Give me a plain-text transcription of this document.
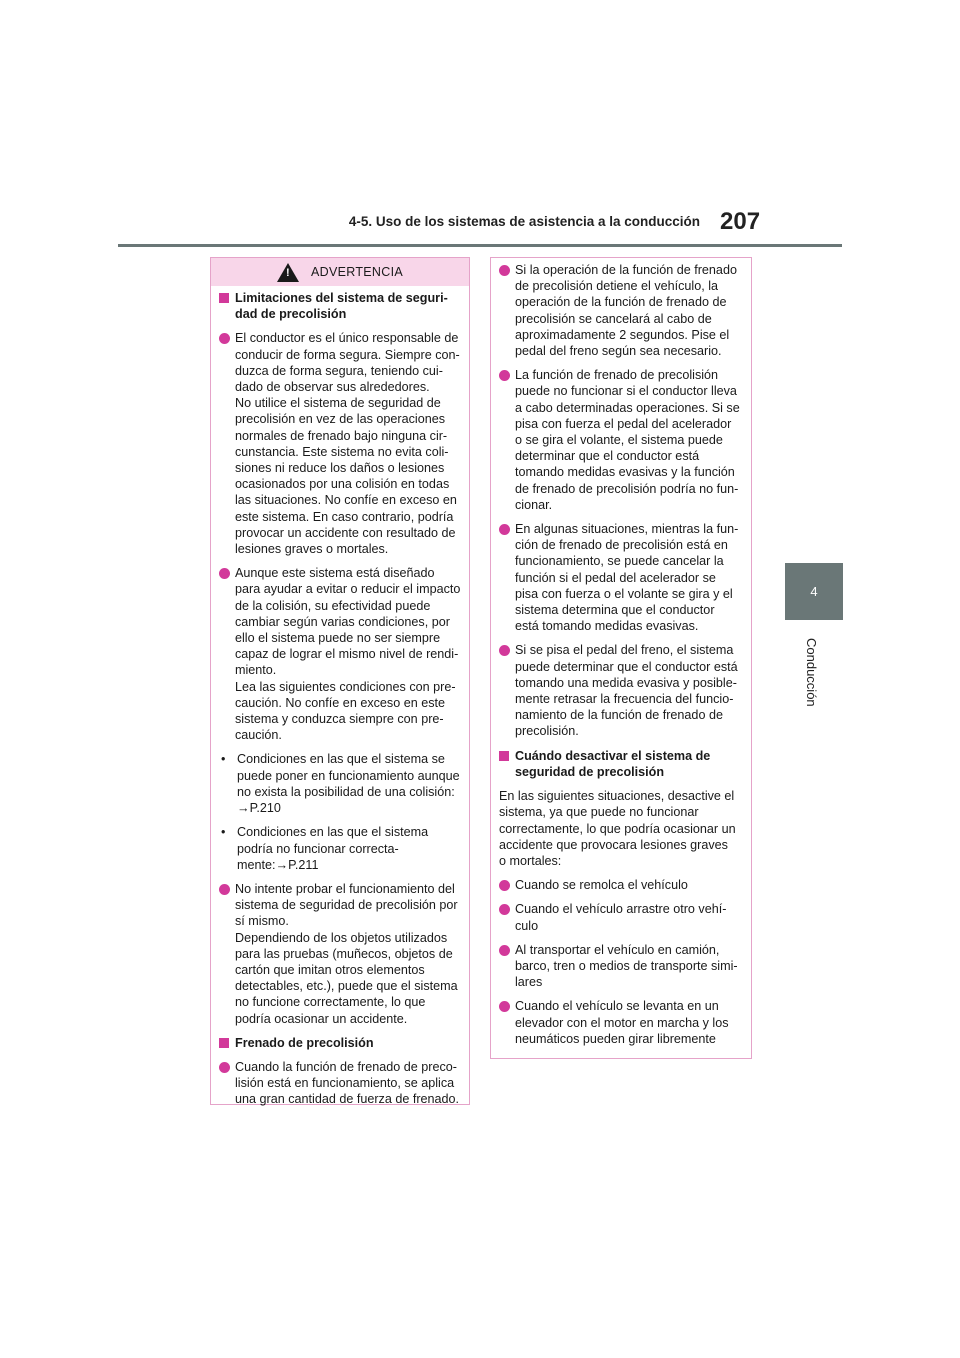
4-5. Uso de los sistemas de asistencia a la conducción 207
4
Conducción
! ADVERTENCIA

Limitaciones del sistema de seguri-
dad de precolisión

El conductor es el único responsable de
conducir de forma segura. Siempre con-
duzca de forma segura, teniendo cui-
dado de observar sus alrededores.
No utilice el sistema de seguridad de
precolisión en vez de las operaciones
normales de frenado bajo ninguna cir-
cunstancia. Este sistema no evita coli-
siones ni reduce los daños o lesiones
ocasionados por una colisión en todas
las situaciones. No confíe en exceso en
este sistema. En caso contrario, podría
provocar un accidente con resultado de
lesiones graves o mortales.

Aunque este sistema está diseñado
para ayudar a evitar o reducir el impacto
de la colisión, su efectividad puede
cambiar según varias condiciones, por
ello el sistema puede no ser siempre
capaz de lograr el mismo nivel de rendi-
miento.
Lea las siguientes condiciones con pre-
caución. No confíe en exceso en este
sistema y conduzca siempre con pre-
caución.

• Condiciones en las que el sistema se
puede poner en funcionamiento aunque
no exista la posibilidad de una colisión:
→P.210

• Condiciones en las que el sistema
podría no funcionar correcta-
mente:→P.211

No intente probar el funcionamiento del
sistema de seguridad de precolisión por
sí mismo.
Dependiendo de los objetos utilizados
para las pruebas (muñecos, objetos de
cartón que imitan otros elementos
detectables, etc.), puede que el sistema
no funcione correctamente, lo que
podría ocasionar un accidente.

Frenado de precolisión

Cuando la función de frenado de preco-
lisión está en funcionamiento, se aplica
una gran cantidad de fuerza de frenado.

Si la operación de la función de frenado
de precolisión detiene el vehículo, la
operación de la función de frenado de
precolisión se cancelará al cabo de
aproximadamente 2 segundos. Pise el
pedal del freno según sea necesario.

La función de frenado de precolisión
puede no funcionar si el conductor lleva
a cabo determinadas operaciones. Si se
pisa con fuerza el pedal del acelerador
o se gira el volante, el sistema puede
determinar que el conductor está
tomando medidas evasivas y la función
de frenado de precolisión podría no fun-
cionar.

En algunas situaciones, mientras la fun-
ción de frenado de precolisión está en
funcionamiento, se puede cancelar la
función si el pedal del acelerador se
pisa con fuerza o el volante se gira y el
sistema determina que el conductor
está tomando medidas evasivas.

Si se pisa el pedal del freno, el sistema
puede determinar que el conductor está
tomando una medida evasiva y posible-
mente retrasar la frecuencia del funcio-
namiento de la función de frenado de
precolisión.

Cuándo desactivar el sistema de
seguridad de precolisión

En las siguientes situaciones, desactive el
sistema, ya que puede no funcionar
correctamente, lo que podría ocasionar un
accidente que provocara lesiones graves
o mortales:

Cuando se remolca el vehículo

Cuando el vehículo arrastre otro vehí-
culo

Al transportar el vehículo en camión,
barco, tren o medios de transporte simi-
lares

Cuando el vehículo se levanta en un
elevador con el motor en marcha y los
neumáticos pueden girar libremente
